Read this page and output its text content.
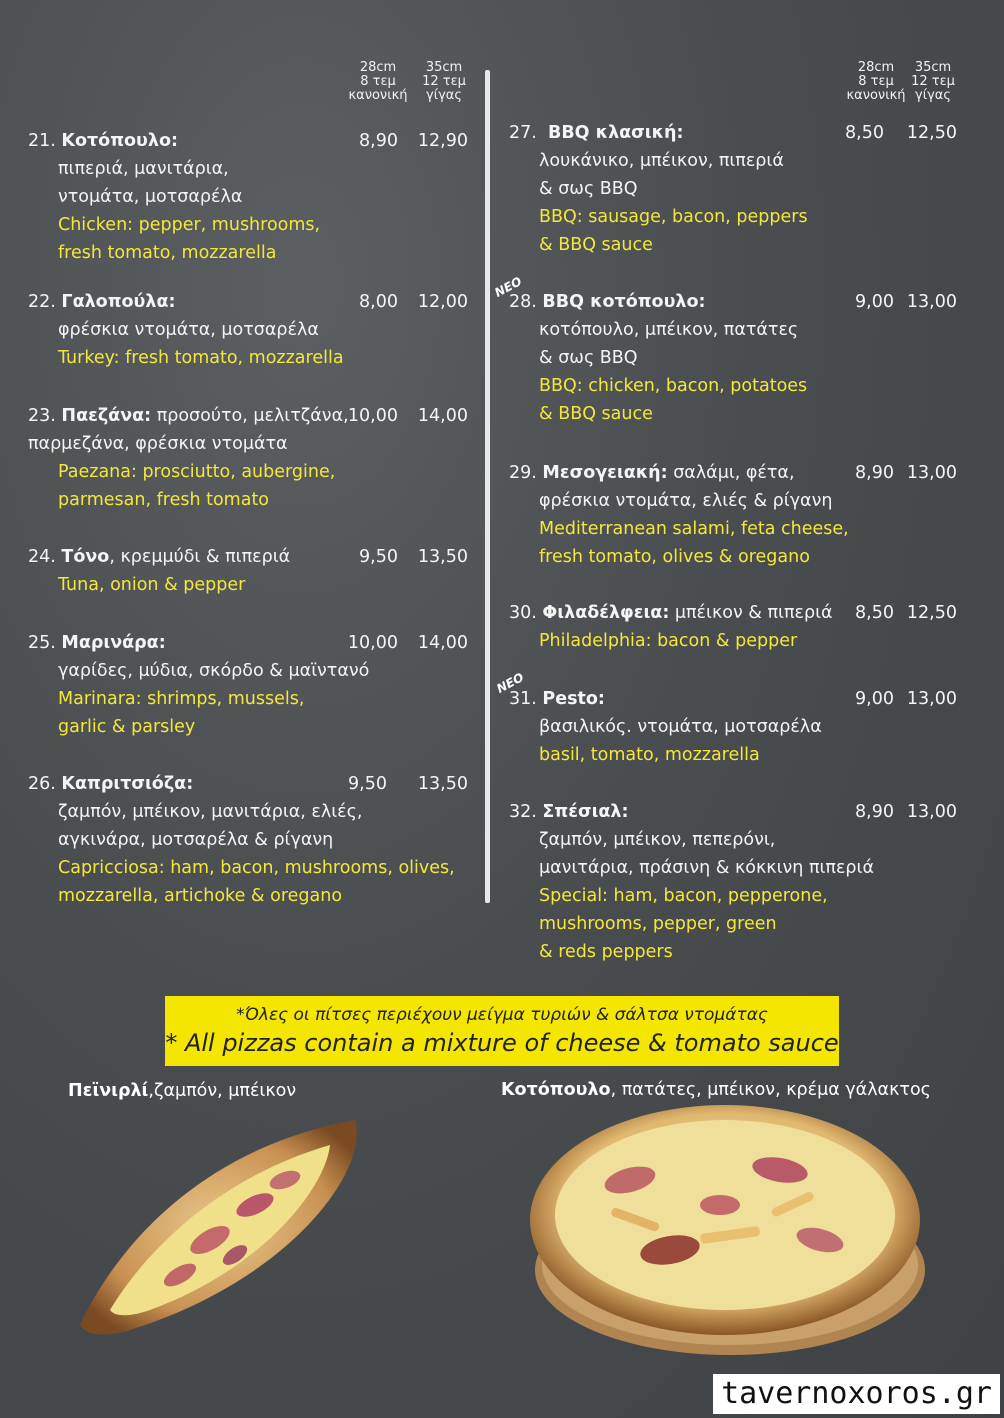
28cm
8 τεμ
κανονική
35cm
12 τεμ
γίγας
28cm
8 τεμ
κανονική
35cm
12 τεμ
γίγας
21. Κοτόπουλο:
πιπεριά, μανιτάρια,
ντομάτα, μοτσαρέλα
Chicken: pepper, mushrooms,
fresh tomato, mozzarella
8,90	12,90
22. Γαλοπούλα:
φρέσκια ντομάτα, μοτσαρέλα
Turkey: fresh tomato, mozzarella
8,00	12,00
23. Παεζάνα: προσούτο, μελιτζάνα,
παρμεζάνα, φρέσκια ντομάτα
Paezana: prosciutto, aubergine,
parmesan, fresh tomato
10,00	14,00
24. Τόνο, κρεμμύδι & πιπεριά
Tuna, onion & pepper
9,50	13,50
25. Μαρινάρα:
γαρίδες, μύδια, σκόρδο & μαϊντανό
Marinara: shrimps, mussels,
garlic & parsley
10,00	14,00
26. Καπριτσιόζα:
ζαμπόν, μπέικον, μανιτάρια, ελιές,
αγκινάρα, μοτσαρέλα & ρίγανη
Capricciosa: ham, bacon, mushrooms, olives,
mozzarella, artichoke & oregano
9,50	13,50
27. BBQ κλασική:
λουκάνικο, μπέικον, πιπεριά
& σως BBQ
BBQ: sausage, bacon, peppers
& BBQ sauce
8,50	12,50
ΝΕΟ
28. BBQ κοτόπουλο:
κοτόπουλο, μπέικον, πατάτες
& σως BBQ
BBQ: chicken, bacon, potatoes
& BBQ sauce
9,00 13,00
29. Μεσογειακή: σαλάμι, φέτα,
φρέσκια ντομάτα, ελιές & ρίγανη
Mediterranean salami, feta cheese,
fresh tomato, olives & oregano
8,90 13,00
30. Φιλαδέλφεια: μπέικον & πιπεριά
Philadelphia: bacon & pepper
8,50 12,50
ΝΕΟ
31. Pesto:
βασιλικός. ντομάτα, μοτσαρέλα
basil, tomato, mozzarella
9,00 13,00
32. Σπέσιαλ:
ζαμπόν, μπέικον, πεπερόνι,
μανιτάρια, πράσινη & κόκκινη πιπεριά
Special: ham, bacon, pepperone,
mushrooms, pepper, green
& reds peppers
8,90 13,00
*Όλες οι πίτσες περιέχουν μείγμα τυριών & σάλτσα ντομάτας
* All pizzas contain a mixture of cheese & tomato sauce
Πεϊνιρλί,ζαμπόν, μπέικον	Κοτόπουλο, πατάτες, μπέικον, κρέμα γάλακτος
tavernoxoros.gr
